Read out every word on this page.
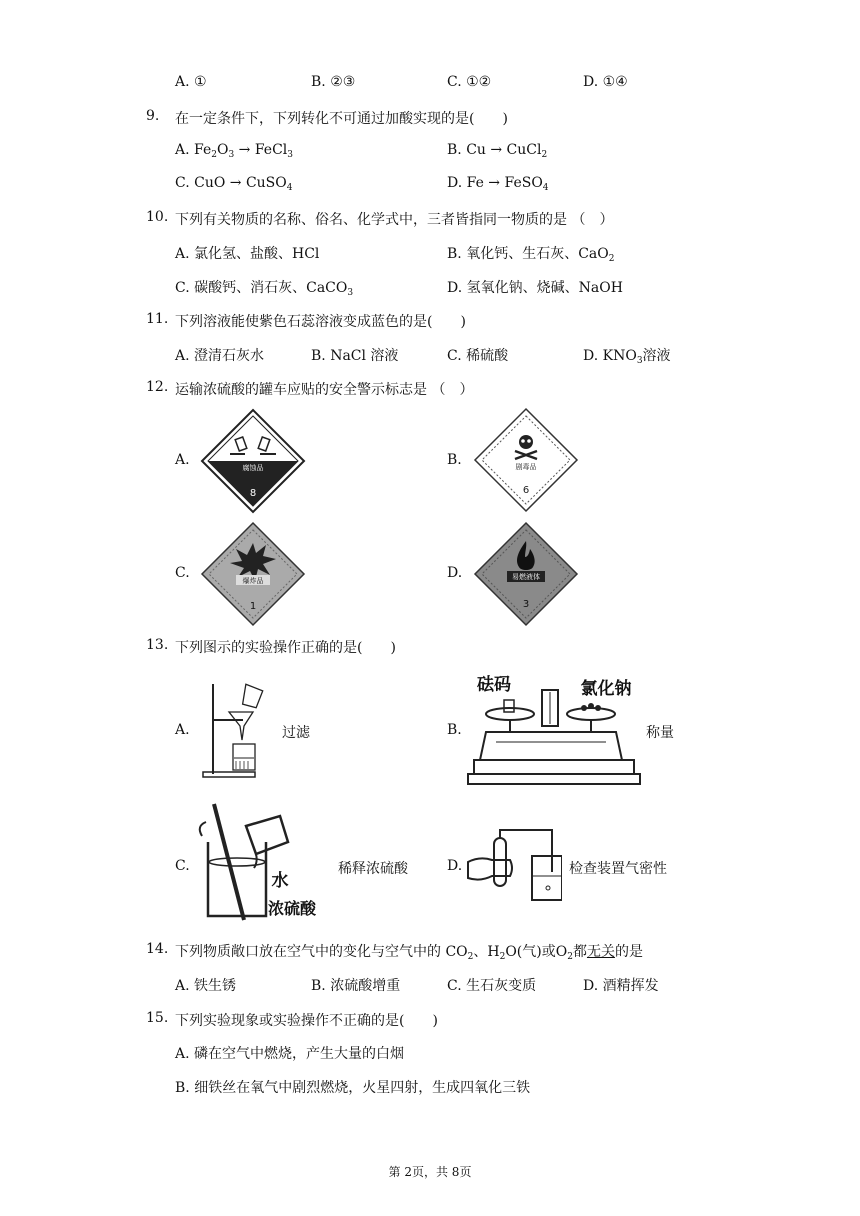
A. ①	B. ②③	C. ①②	D. ①④
9. 在一定条件下，下列转化不可通过加酸实现的是(　　)
A. $Fe_2O_3$ → FeCl$_3$	B. Cu → CuCl$_2$
C. CuO → CuSO$_4$	D. Fe → FeSO$_4$
10. 下列有关物质的名称、俗名、化学式中，三者皆指同一物质的是 （　）
A. 氯化氢、盐酸、HCl	B. 氧化钙、生石灰、CaO$_2$
C. 碳酸钙、消石灰、CaCO$_3$	D. 氢氧化钠、烧碱、NaOH
11. 下列溶液能使紫色石蕊溶液变成蓝色的是(　　)
A. 澄清石灰水	B. NaCl 溶液	C. 稀硫酸	D. $KNO_3$溶液
12. 运输浓硫酸的罐车应贴的安全警示标志是 （　）
A.	腐蚀品
8
B.	剧毒品
6
C.	爆炸品
1
D.	易燃液体
3
13. 下列图示的实验操作正确的是(　　)
A.	过滤	B.
砝码	氯化钠
称量
C.
水
浓硫酸
稀释浓硫酸	D.	检查装置气密性
14. 下列物质敞口放在空气中的变化与空气中的 $CO_2$、$H_2O$(气)或$O_2$都无关的是
A. 铁生锈	B. 浓硫酸增重	C. 生石灰变质	D. 酒精挥发
15. 下列实验现象或实验操作不正确的是(　　)
A. 磷在空气中燃烧，产生大量的白烟
B. 细铁丝在氧气中剧烈燃烧，火星四射，生成四氧化三铁
第 2页，共 8页
